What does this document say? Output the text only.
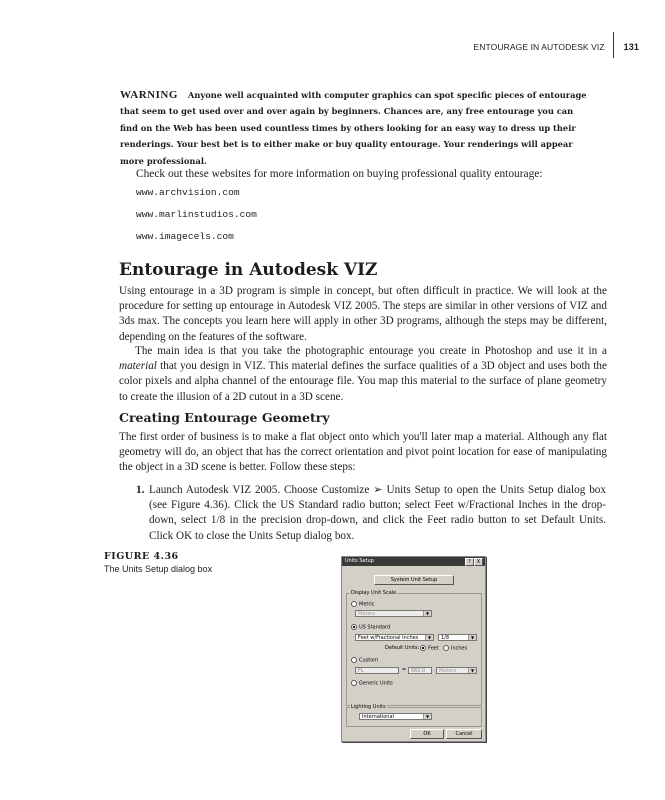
ENTOURAGE IN AUTODESK VIZ	131
WARNING Anyone well acquainted with computer graphics can spot specific pieces of entourage that seem to get used over and over again by beginners. Chances are, any free entourage you can find on the Web has been used countless times by others looking for an easy way to dress up their renderings. Your best bet is to either make or buy quality entourage. Your renderings will appear more professional.
Check out these websites for more information on buying professional quality entourage:
www.archvision.com
www.marlinstudios.com
www.imagecels.com
Entourage in Autodesk VIZ

Using entourage in a 3D program is simple in concept, but often difficult in practice. We will look at the procedure for setting up entourage in Autodesk VIZ 2005. The steps are similar in other versions of VIZ and 3ds max. The concepts you learn here will apply in other 3D programs, although the steps may be different, depending on the features of the software.

The main idea is that you take the photographic entourage you create in Photoshop and use it in a material that you design in VIZ. This material defines the surface qualities of a 3D object and uses both the color pixels and alpha channel of the entourage file. You map this material to the surface of plane geometry to create the illusion of a 2D cutout in a 3D scene.

Creating Entourage Geometry

The first order of business is to make a flat object onto which you'll later map a material. Although any flat geometry will do, an object that has the correct orientation and pivot point location for ease of manipulating the object in a 3D scene is better. Follow these steps:

1. Launch Autodesk VIZ 2005. Choose Customize ➢ Units Setup to open the Units Setup dialog box (see Figure 4.36). Click the US Standard radio button; select Feet w/Fractional Inches in the drop-down, select 1/8 in the precision drop-down, and click the Feet radio button to set Default Units. Click OK to close the Units Setup dialog box.
FIGURE 4.36
The Units Setup dialog box
Units Setup	?	X
System Unit Setup
Display Unit Scale
Metric
Meters	▼
US Standard
Feet w/Fractional Inches	▼	1/8	▼
Default Units:	Feet	Inches
Custom
FL	= 660.0	Meters	▼
Generic Units
Lighting Units
International	▼
OK	Cancel
